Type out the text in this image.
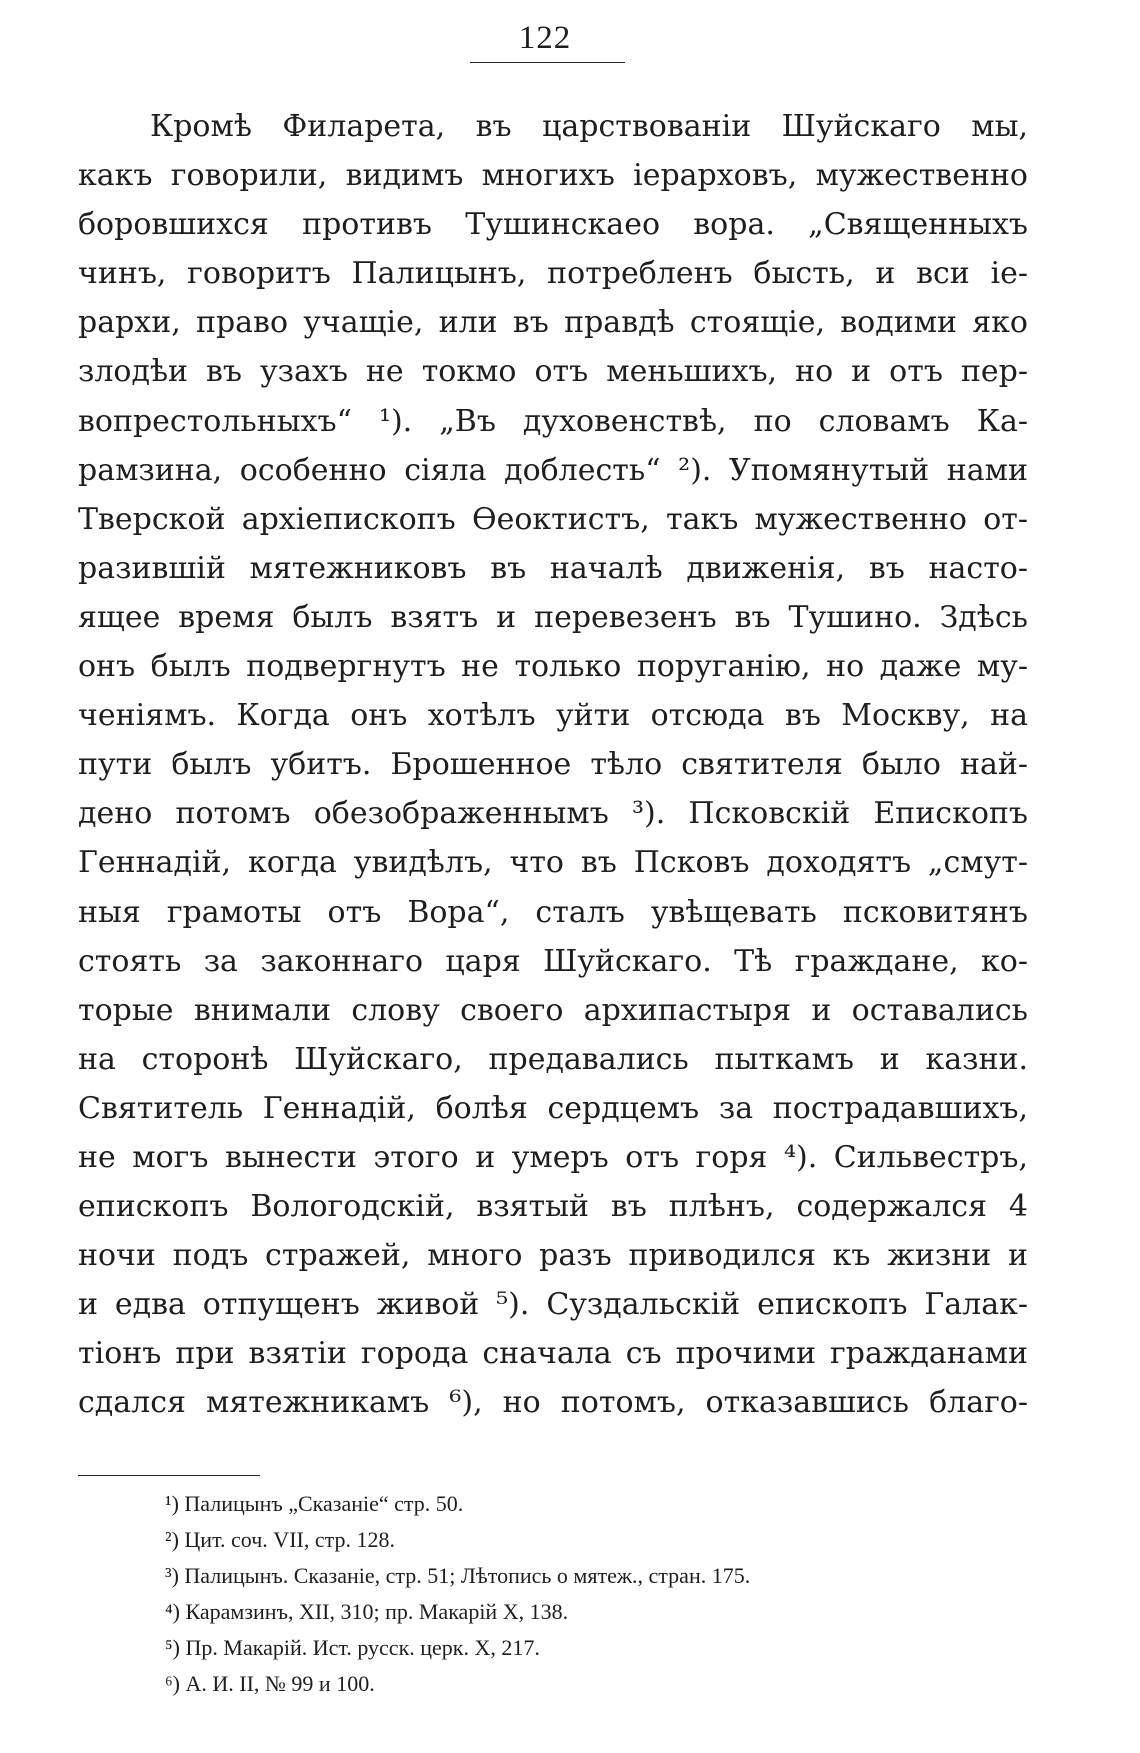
122
Кромѣ Филарета, въ царствованіи Шуйскаго мы,
какъ говорили, видимъ многихъ іерарховъ, мужественно
боровшихся противъ Тушинскаео вора. „Священныхъ
чинъ, говоритъ Палицынъ, потребленъ бысть, и вси іе-
рархи, право учащіе, или въ правдѣ стоящіе, водими яко
злодѣи въ узахъ не токмо отъ меньшихъ, но и отъ пер-
вопрестольныхъ“ ¹). „Въ духовенствѣ, по словамъ Ка-
рамзина, особенно сіяла доблесть“ ²). Упомянутый нами
Тверской архіепископъ Ѳеоктистъ, такъ мужественно от-
разившій мятежниковъ въ началѣ движенія, въ насто-
ящее время былъ взятъ и перевезенъ въ Тушино. Здѣсь
онъ былъ подвергнутъ не только поруганію, но даже му-
ченіямъ. Когда онъ хотѣлъ уйти отсюда въ Москву, на
пути былъ убитъ. Брошенное тѣло святителя было най-
дено потомъ обезображеннымъ ³). Псковскій Епископъ
Геннадій, когда увидѣлъ, что въ Псковъ доходятъ „смут-
ныя грамоты отъ Вора“, сталъ увѣщевать псковитянъ
стоять за законнаго царя Шуйскаго. Тѣ граждане, ко-
торые внимали слову своего архипастыря и оставались
на сторонѣ Шуйскаго, предавались пыткамъ и казни.
Святитель Геннадій, болѣя сердцемъ за пострадавшихъ,
не могъ вынести этого и умеръ отъ горя ⁴). Сильвестръ,
епископъ Вологодскій, взятый въ плѣнъ, содержался 4
ночи подъ стражей, много разъ приводился къ жизни и
и едва отпущенъ живой ⁵). Суздальскій епископъ Галак-
тіонъ при взятіи города сначала съ прочими гражданами
сдался мятежникамъ ⁶), но потомъ, отказавшись благо-
¹) Палицынъ „Сказаніе“ стр. 50.
²) Цит. соч. VII, стр. 128.
³) Палицынъ. Сказаніе, стр. 51; Лѣтопись о мятеж., стран. 175.
⁴) Карамзинъ, XII, 310; пр. Макарій X, 138.
⁵) Пр. Макарій. Ист. русск. церк. X, 217.
⁶) А. И. II, № 99 и 100.
